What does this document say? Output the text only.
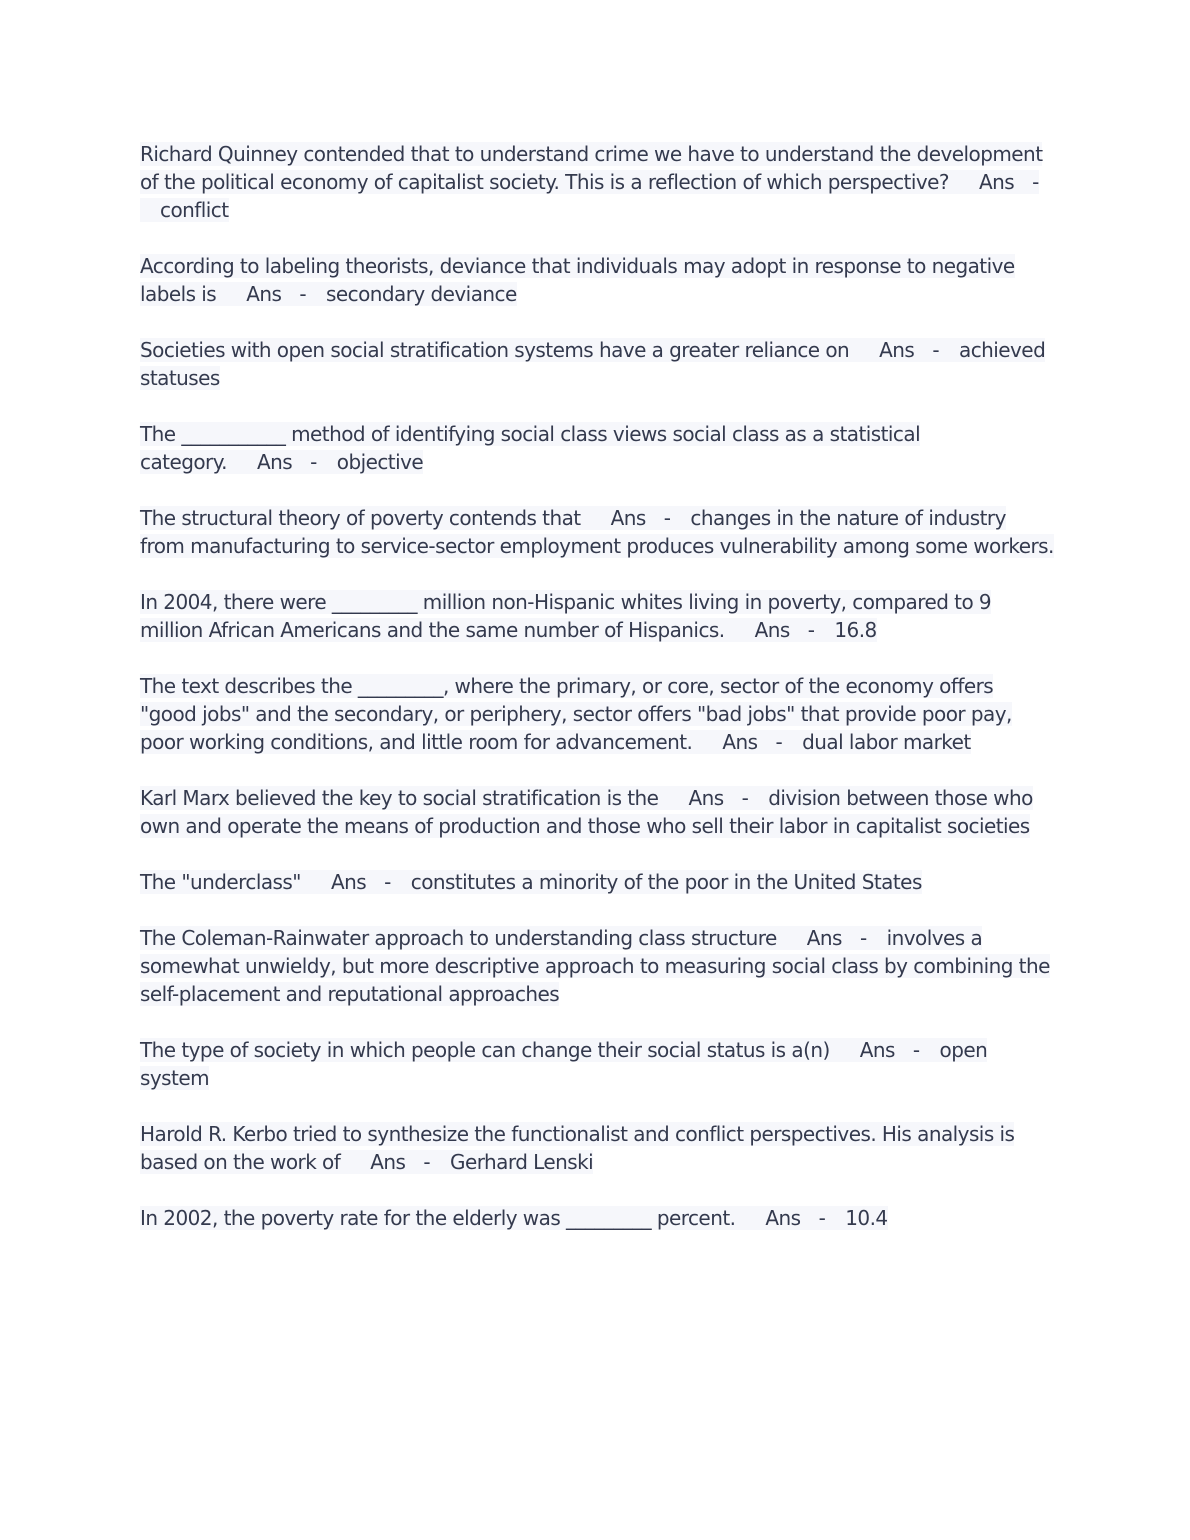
Richard Quinney contended that to understand crime we have to understand the development of the political economy of capitalist society. This is a reflection of which perspective? Ans -conflict

According to labeling theorists, deviance that individuals may adopt in response to negative labels is Ans - secondary deviance

Societies with open social stratification systems have a greater reliance on Ans - achieved statuses

The ___________ method of identifying social class views social class as a statistical category. Ans - objective

The structural theory of poverty contends that Ans - changes in the nature of industry from manufacturing to service-sector employment produces vulnerability among some workers.

In 2004, there were _________ million non-Hispanic whites living in poverty, compared to 9 million African Americans and the same number of Hispanics. Ans - 16.8

The text describes the _________, where the primary, or core, sector of the economy offers "good jobs" and the secondary, or periphery, sector offers "bad jobs" that provide poor pay, poor working conditions, and little room for advancement. Ans - dual labor market

Karl Marx believed the key to social stratification is the Ans - division between those who own and operate the means of production and those who sell their labor in capitalist societies

The "underclass" Ans - constitutes a minority of the poor in the United States

The Coleman-Rainwater approach to understanding class structure Ans - involves a somewhat unwieldy, but more descriptive approach to measuring social class by combining the self-placement and reputational approaches

The type of society in which people can change their social status is a(n) Ans - open system

Harold R. Kerbo tried to synthesize the functionalist and conflict perspectives. His analysis is based on the work of Ans - Gerhard Lenski

In 2002, the poverty rate for the elderly was _________ percent. Ans - 10.4
